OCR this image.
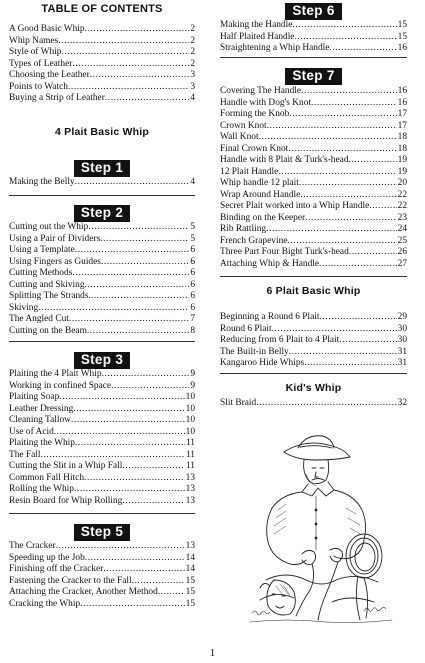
TABLE OF CONTENTS
A Good Basic Whip .....	2
Whip Names .....	2
Style of Whip .....	2
Types of Leather .....	2
Choosing the Leather .....	3
Points to Watch .....	3
Buying a Strip of Leather .....	4
4 Plait Basic Whip
Step 1
Making the Belly .....	4
Step 2
Cutting out the Whip .....	5
Using a Pair of Dividers .....	5
Using a Template .....	6
Using Fingers as Guides .....	6
Cutting Methods .....	6
Cutting and Skiving .....	6
Splitting The Strands. .....	6
Skiving .....	6
The Angled Cut .....	7
Cutting on the Beam .....	8
Step 3
Plaiting the 4 Plait Whip .....	9
Working in confined Space .....	9
Plaiting Soap .....	10
Leather Dressing .....	10
Cleaning Tallow .....	10
Use of Acid .....	10
Plaiting the Whip .....	11
The Fall .....	11
Cutting the Slit in a Whip Fall .....	11
Common Fall Hitch .....	13
Rolling the Whip .....	13
Resin Board for Whip Rolling .....	13
Step 5
The Cracker .....	13
Speeding up the Job .....	14
Finishing off the Cracker .....	14
Fastening the Cracker to the Fall .....	15
Attaching the Cracker, Another Method .....	15
Cracking the Whip .....	15
Step 6
Making the Handle .....	15
Half Plaited Handle .....	15
Straightening a Whip Handle .....	16
Step 7
Covering The Handle .....	16
Handle with Dog's Knot .....	16
Forming the Knob .....	17
Crown Knot .....	17
Wall Knot .....	18
Final Crown Knot .....	18
Handle with 8 Plait & Turk's-head .....	19
12 Plait Handle .....	19
Whip handle 12 plait .....	20
Wrap Around Handle .....	22
Secret Plait worked into a Whip Handle .....	22
Binding on the Keeper .....	23
Rib Rattling .....	24
French Grapevine .....	25
Three Part Four Bight Turk's-head .....	26
Attaching Whip & Handle .....	27
6 Plait Basic Whip
Beginning a Round 6 Plait .....	29
Round 6 Plait .....	30
Reducing from 6 Plait to 4 Plait .....	30
The Built-in Belly .....	31
Kangaroo Hide Whips .....	31
Kid's Whip
Slit Braid .....	32
1
